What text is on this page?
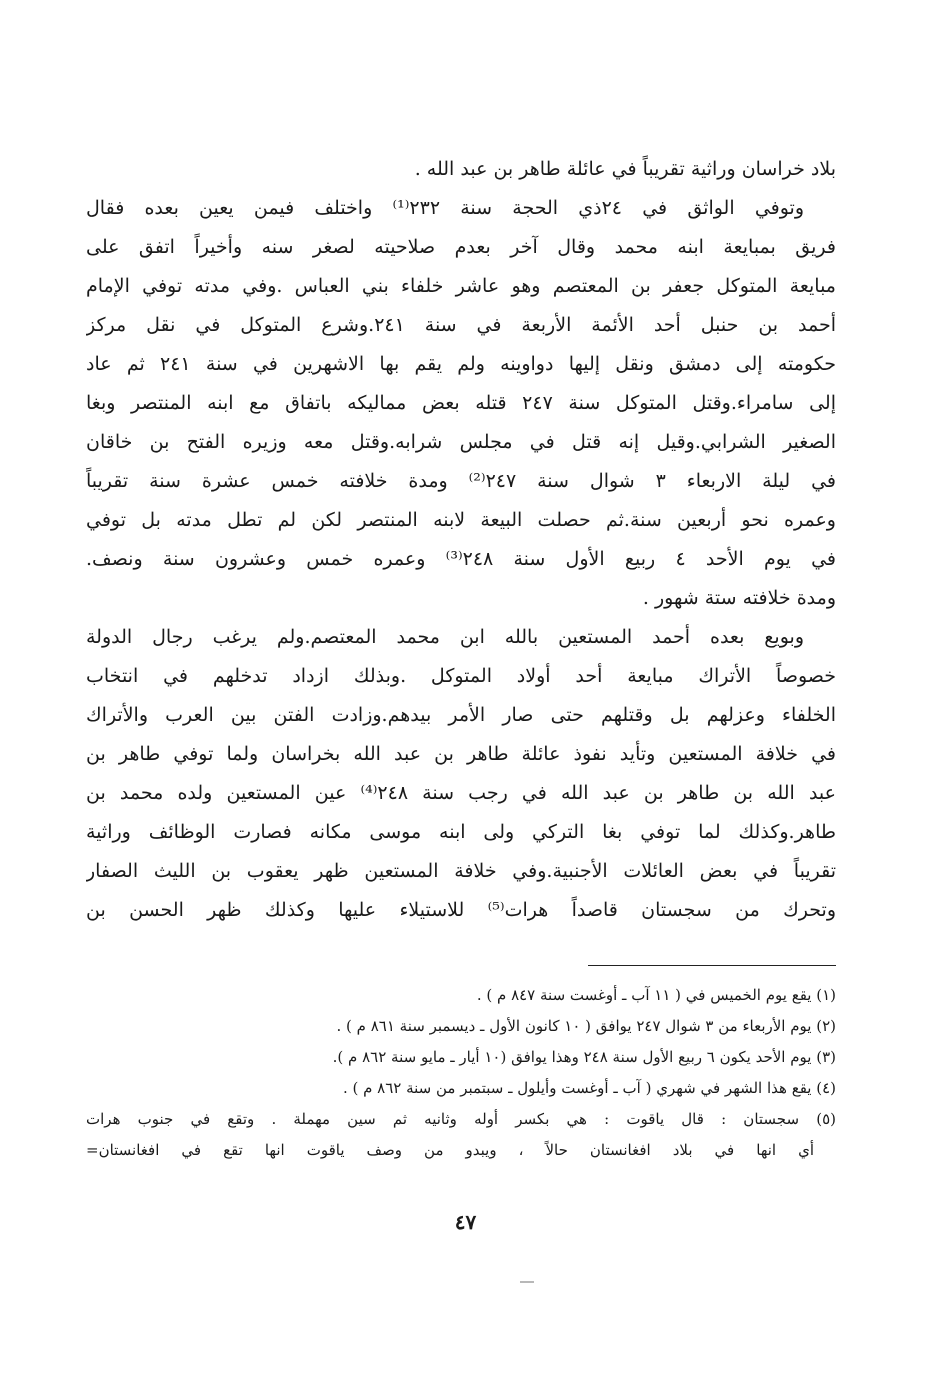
بلاد خراسان وراثية تقريباً في عائلة طاهر بن عبد الله .
وتوفي الواثق في ٢٤ذي الحجة سنة ٢٣٢⁽¹⁾ واختلف فيمن يعين بعده فقال
فريق بمبايعة ابنه محمد وقال آخر بعدم صلاحيته لصغر سنه وأخيراً اتفق على
مبايعة المتوكل جعفر بن المعتصم وهو عاشر خلفاء بني العباس .وفي مدته توفي الإمام
أحمد بن حنبل أحد الأئمة الأربعة في سنة ٢٤١.وشرع المتوكل في نقل مركز
حكومته إلى دمشق ونقل إليها دواوينه ولم يقم بها الاشهرين في سنة ٢٤١ ثم عاد
إلى سامراء.وقتل المتوكل سنة ٢٤٧ قتله بعض مماليكه باتفاق مع ابنه المنتصر وبغا
الصغير الشرابي.وقيل إنه قتل في مجلس شرابه.وقتل معه وزيره الفتح بن خاقان
في ليلة الاربعاء ٣ شوال سنة ٢٤٧⁽²⁾ ومدة خلافته خمس عشرة سنة تقريباً
وعمره نحو أربعين سنة.ثم حصلت البيعة لابنه المنتصر لكن لم تطل مدته بل توفي
في يوم الأحد ٤ ربيع الأول سنة ٢٤٨⁽³⁾ وعمره خمس وعشرون سنة ونصف.
ومدة خلافته ستة شهور .
وبويع بعده أحمد المستعين بالله ابن محمد المعتصم.ولم يرغب رجال الدولة
خصوصاً الأتراك مبايعة أحد أولاد المتوكل .وبذلك ازداد تدخلهم في انتخاب
الخلفاء وعزلهم بل وقتلهم حتى صار الأمر بيدهم.وزادت الفتن بين العرب والأتراك
في خلافة المستعين وتأيد نفوذ عائلة طاهر بن عبد الله بخراسان ولما توفي طاهر بن
عبد الله بن طاهر بن عبد الله في رجب سنة ٢٤٨⁽⁴⁾ عين المستعين ولده محمد بن
طاهر.وكذلك لما توفي بغا التركي ولى ابنه موسى مكانه فصارت الوظائف وراثية
تقريباً في بعض العائلات الأجنبية.وفي خلافة المستعين ظهر يعقوب بن الليث الصفار
وتحرك من سجستان قاصداً هرات⁽⁵⁾ للاستيلاء عليها وكذلك ظهر الحسن بن
(١) يقع يوم الخميس في ( ١١ آب ـ أوغست سنة ٨٤٧ م ) .
(٢) يوم الأربعاء من ٣ شوال ٢٤٧ يوافق ( ١٠ كانون الأول ـ ديسمبر سنة ٨٦١ م ) .
(٣) يوم الأحد يكون ٦ ربيع الأول سنة ٢٤٨ وهذا يوافق (١٠ أيار ـ مايو سنة ٨٦٢ م ).
(٤) يقع هذا الشهر في شهري ( آب ـ أوغست وأيلول ـ سبتمبر من سنة ٨٦٢ م ) .
(٥) سجستان : قال ياقوت : هي بكسر أوله وثانيه ثم سين مهملة . وتقع في جنوب هرات
أي انها في بلاد افغانستان حالاً ، ويبدو من وصف ياقوت انها تقع في افغانستان=
٤٧
